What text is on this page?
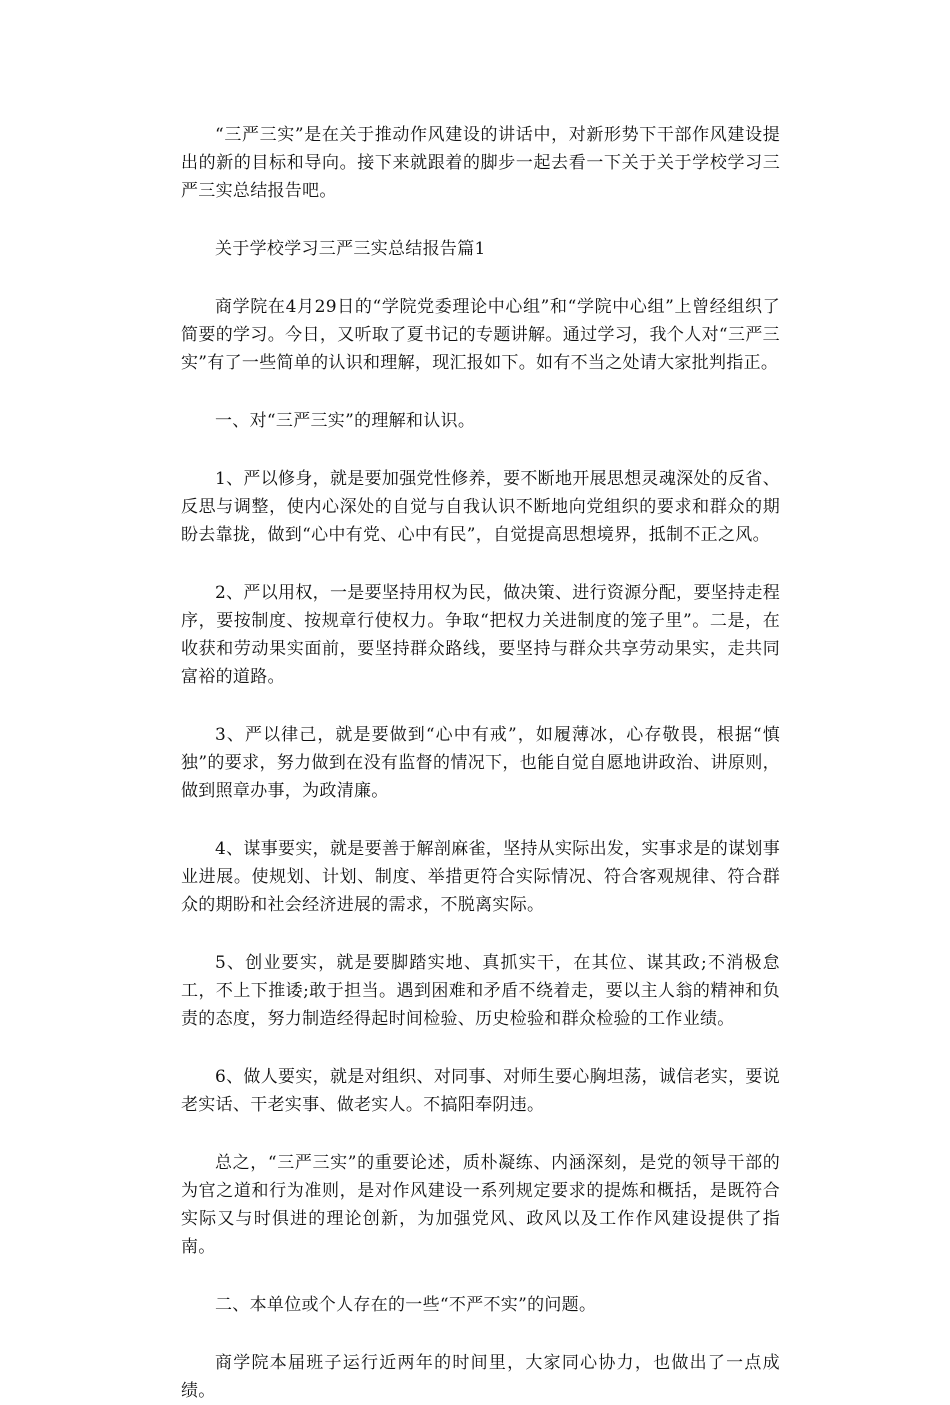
“三严三实”是在关于推动作风建设的讲话中，对新形势下干部作风建设提出的新的目标和导向。接下来就跟着的脚步一起去看一下关于关于学校学习三严三实总结报告吧。

关于学校学习三严三实总结报告篇1

商学院在4月29日的“学院党委理论中心组”和“学院中心组”上曾经组织了简要的学习。今日，又听取了夏书记的专题讲解。通过学习，我个人对“三严三实”有了一些简单的认识和理解，现汇报如下。如有不当之处请大家批判指正。

一、对“三严三实”的理解和认识。

1、严以修身，就是要加强党性修养，要不断地开展思想灵魂深处的反省、反思与调整，使内心深处的自觉与自我认识不断地向党组织的要求和群众的期盼去靠拢，做到“心中有党、心中有民”，自觉提高思想境界，抵制不正之风。

2、严以用权，一是要坚持用权为民，做决策、进行资源分配，要坚持走程序，要按制度、按规章行使权力。争取“把权力关进制度的笼子里”。二是，在收获和劳动果实面前，要坚持群众路线，要坚持与群众共享劳动果实，走共同富裕的道路。

3、严以律己，就是要做到“心中有戒”，如履薄冰，心存敬畏，根据“慎独”的要求，努力做到在没有监督的情况下，也能自觉自愿地讲政治、讲原则，做到照章办事，为政清廉。

4、谋事要实，就是要善于解剖麻雀，坚持从实际出发，实事求是的谋划事业进展。使规划、计划、制度、举措更符合实际情况、符合客观规律、符合群众的期盼和社会经济进展的需求，不脱离实际。

5、创业要实，就是要脚踏实地、真抓实干，在其位、谋其政;不消极怠工，不上下推诿;敢于担当。遇到困难和矛盾不绕着走，要以主人翁的精神和负责的态度，努力制造经得起时间检验、历史检验和群众检验的工作业绩。

6、做人要实，就是对组织、对同事、对师生要心胸坦荡，诚信老实，要说老实话、干老实事、做老实人。不搞阳奉阴违。

总之，“三严三实”的重要论述，质朴凝练、内涵深刻，是党的领导干部的为官之道和行为准则，是对作风建设一系列规定要求的提炼和概括，是既符合实际又与时俱进的理论创新，为加强党风、政风以及工作作风建设提供了指南。

二、本单位或个人存在的一些“不严不实”的问题。

商学院本届班子运行近两年的时间里，大家同心协力，也做出了一点成绩。
